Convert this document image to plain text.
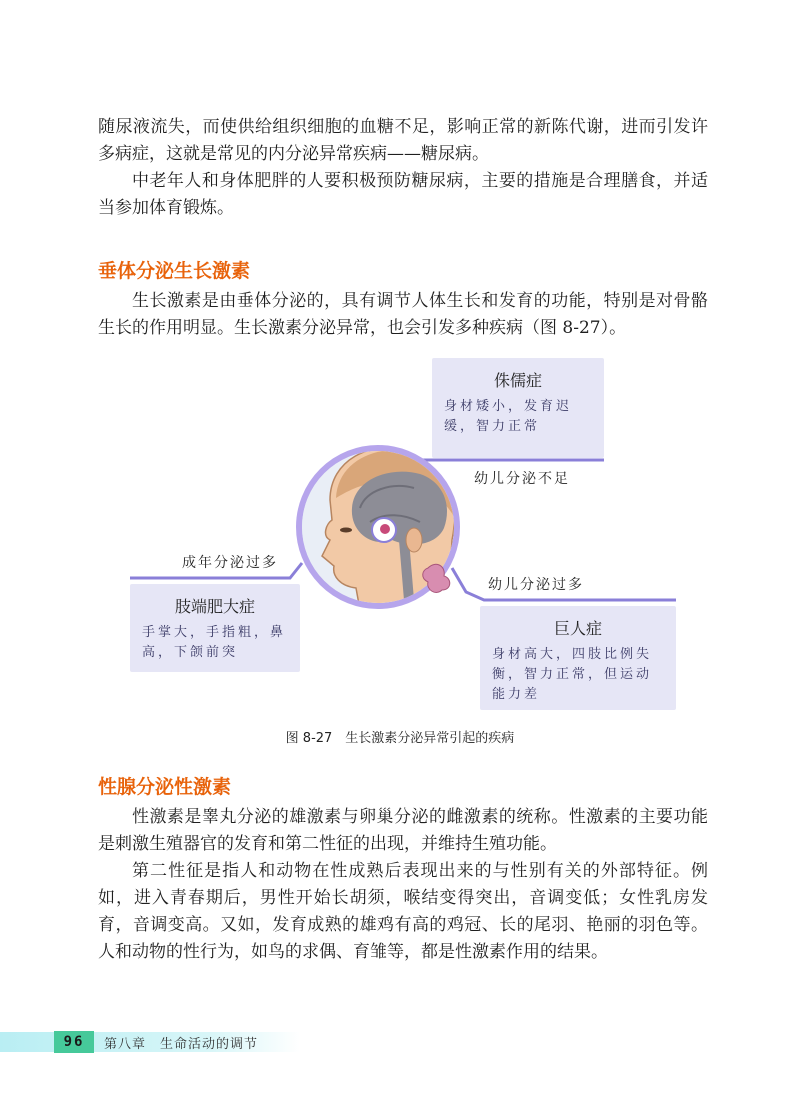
随尿液流失，而使供给组织细胞的血糖不足，影响正常的新陈代谢，进而引发许多病症，这就是常见的内分泌异常疾病——糖尿病。

中老年人和身体肥胖的人要积极预防糖尿病，主要的措施是合理膳食，并适当参加体育锻炼。

垂体分泌生长激素

生长激素是由垂体分泌的，具有调节人体生长和发育的功能，特别是对骨骼生长的作用明显。生长激素分泌异常，也会引发多种疾病（图 8-27）。

侏儒症
身材矮小，发育迟缓，智力正常
幼儿分泌不足
成年分泌过多
肢端肥大症
手掌大，手指粗，鼻高，下颌前突
幼儿分泌过多
巨人症
身材高大，四肢比例失衡，智力正常，但运动能力差
图 8-27　生长激素分泌异常引起的疾病
性腺分泌性激素

性激素是睾丸分泌的雄激素与卵巢分泌的雌激素的统称。性激素的主要功能是刺激生殖器官的发育和第二性征的出现，并维持生殖功能。

第二性征是指人和动物在性成熟后表现出来的与性别有关的外部特征。例如，进入青春期后，男性开始长胡须，喉结变得突出，音调变低；女性乳房发育，音调变高。又如，发育成熟的雄鸡有高的鸡冠、长的尾羽、艳丽的羽色等。人和动物的性行为，如鸟的求偶、育雏等，都是性激素作用的结果。

96	第八章　生命活动的调节
